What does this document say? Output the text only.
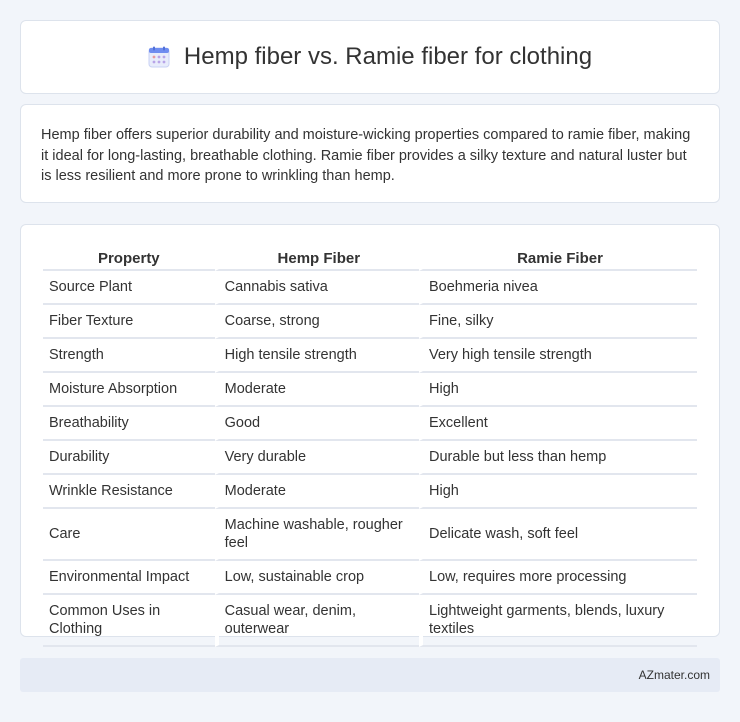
Hemp fiber vs. Ramie fiber for clothing

Hemp fiber offers superior durability and moisture-wicking properties compared to ramie fiber, making it ideal for long-lasting, breathable clothing. Ramie fiber provides a silky texture and natural luster but is less resilient and more prone to wrinkling than hemp.

Property	Hemp Fiber	Ramie Fiber
Source Plant	Cannabis sativa	Boehmeria nivea
Fiber Texture	Coarse, strong	Fine, silky
Strength	High tensile strength	Very high tensile strength
Moisture Absorption	Moderate	High
Breathability	Good	Excellent
Durability	Very durable	Durable but less than hemp
Wrinkle Resistance	Moderate	High
Care	Machine washable, rougher feel	Delicate wash, soft feel
Environmental Impact	Low, sustainable crop	Low, requires more processing
Common Uses in Clothing	Casual wear, denim, outerwear	Lightweight garments, blends, luxury textiles
AZmater.com
